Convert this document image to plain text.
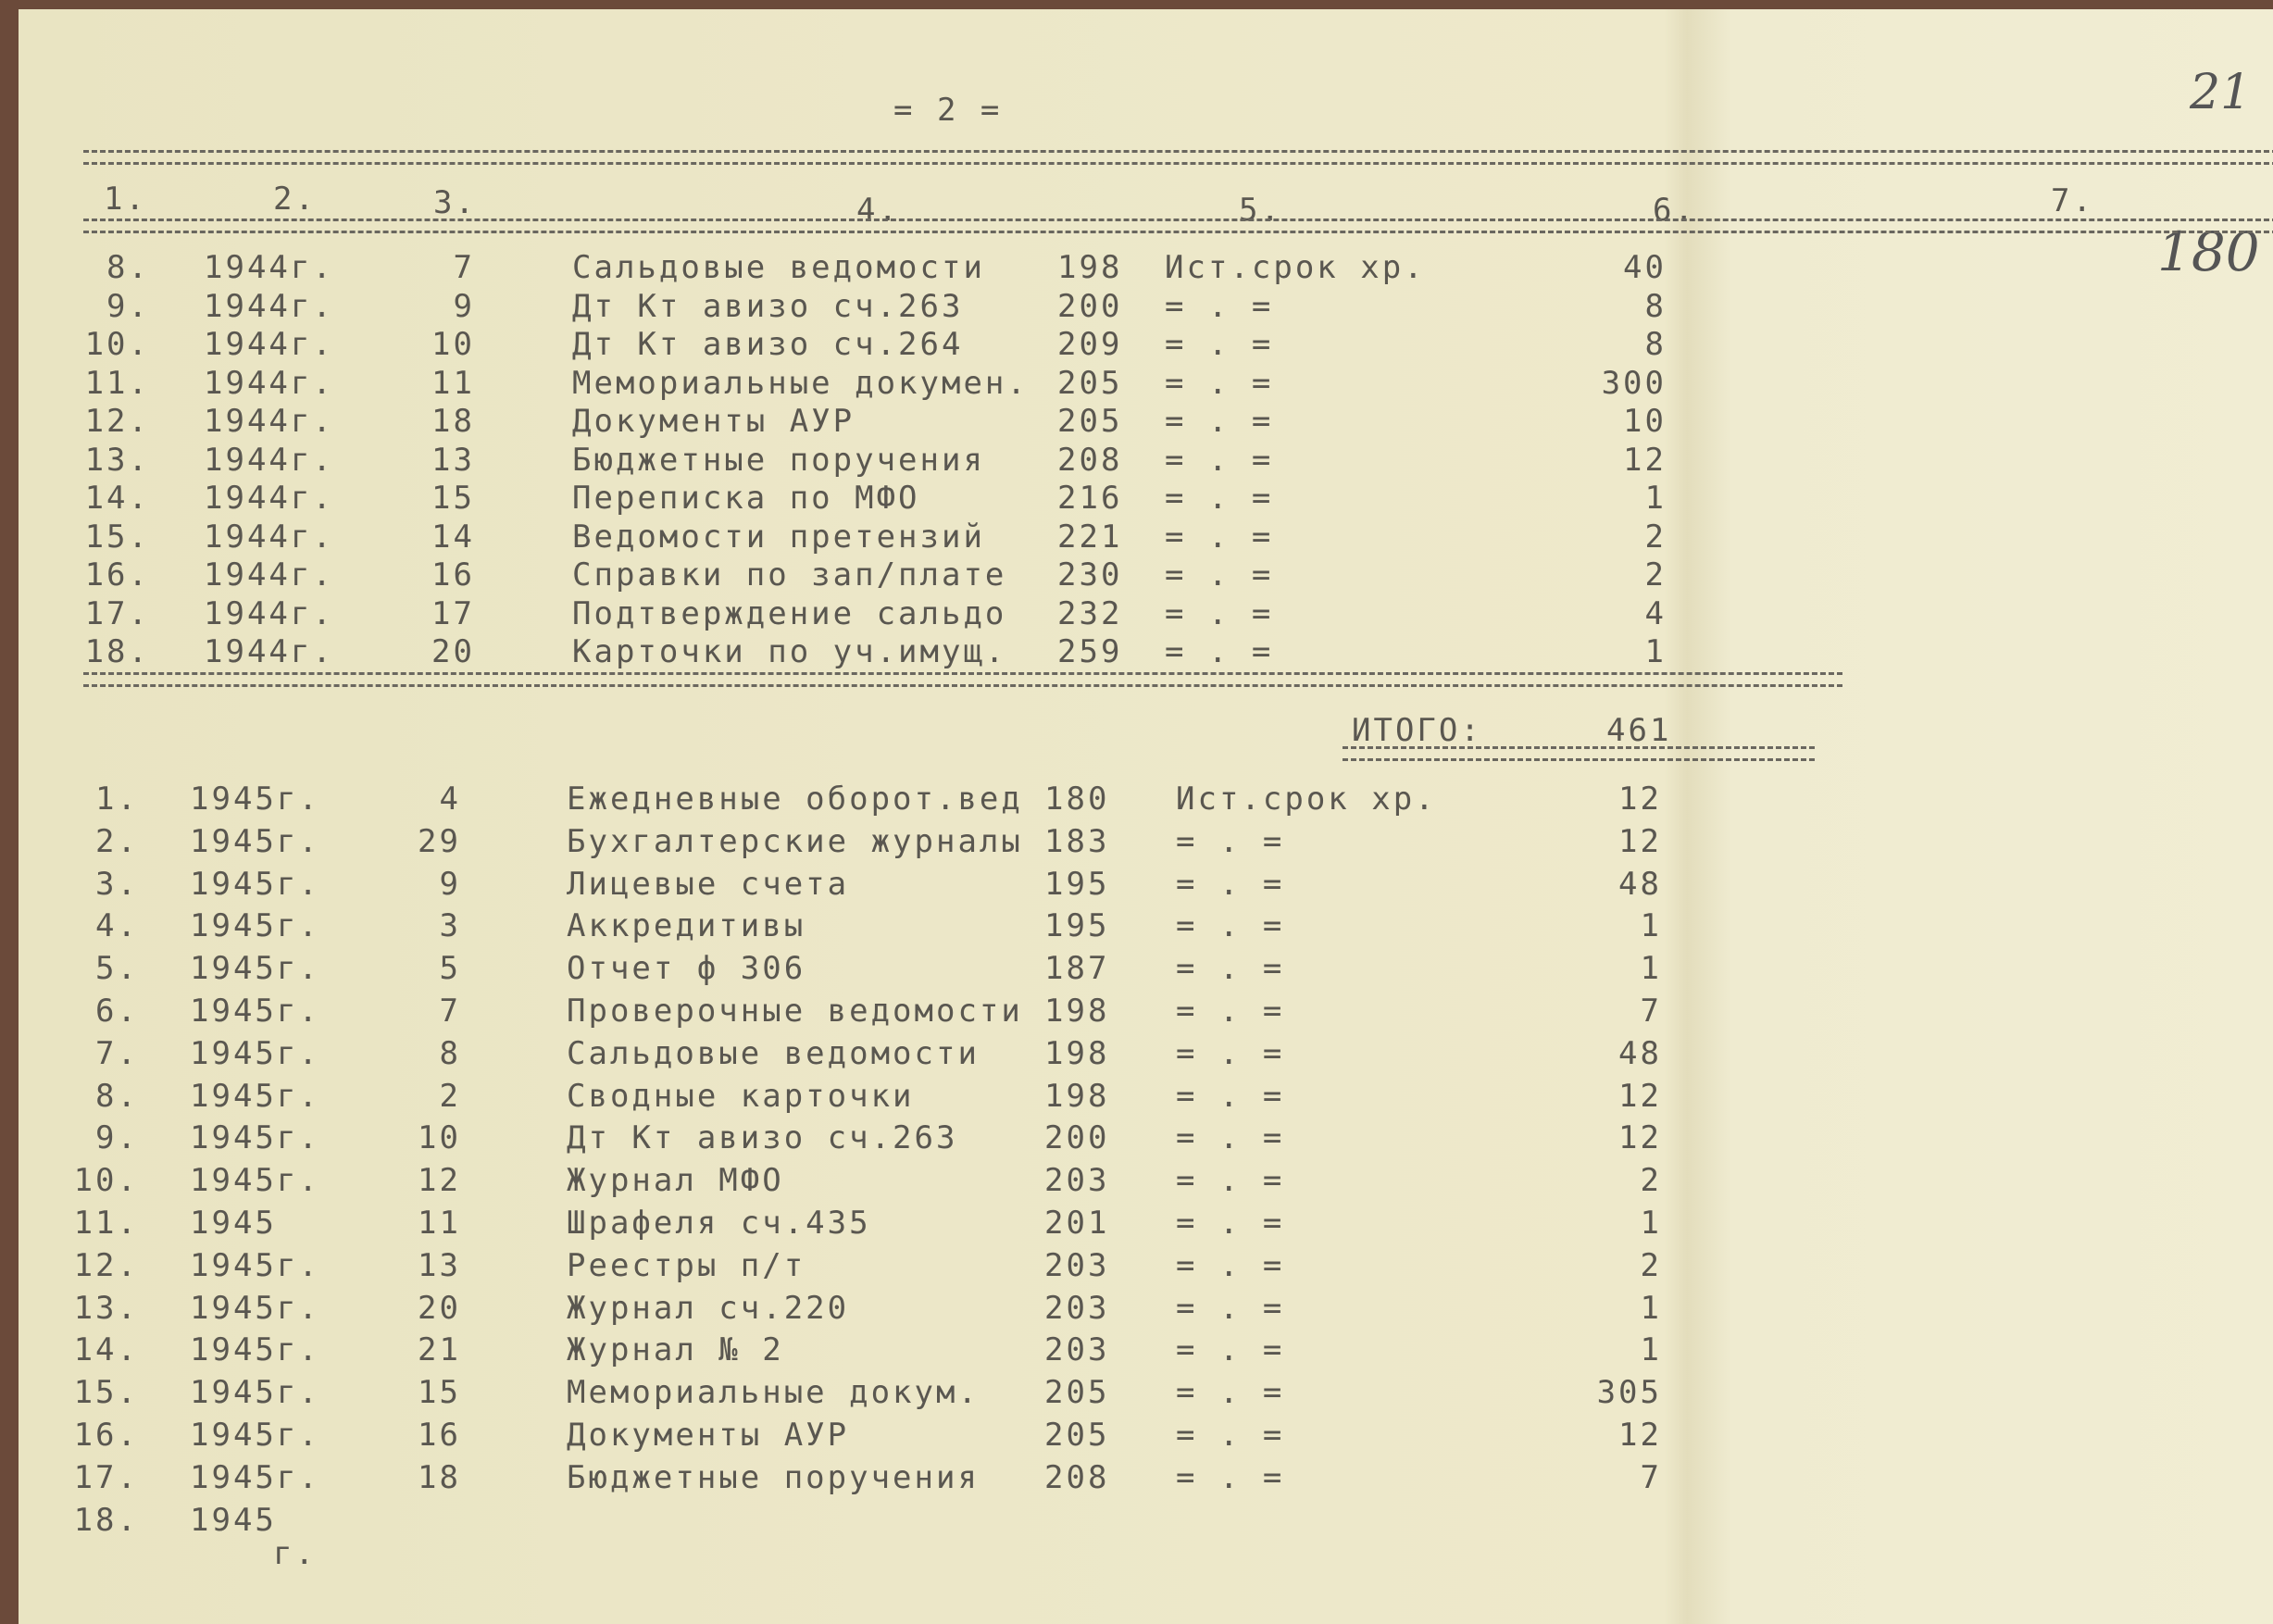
= 2 =	21
180
1.	2.	3.	4.	5.	6.	7.
8. 1944г.	7	Сальдовые ведомости 198 Ист.срок хр.	40
9. 1944г.	9	Дт Кт авизо сч.263	200 = . =	8
10. 1944г.	10	Дт Кт авизо сч.264	209 = . =	8
11. 1944г.	11	Мемориальные докумен. 205 = . =	300
12. 1944г.	18	Документы АУР	205 = . =	10
13. 1944г.	13	Бюджетные поручения 208 = . =	12
14. 1944г.	15	Переписка по МФО	216 = . =	1
15. 1944г.	14	Ведомости претензий 221 = . =	2
16. 1944г.	16	Справки по зап/плате 230 = . =	2
17. 1944г.	17	Подтверждение сальдо 232 = . =	4
18. 1944г.	20	Карточки по уч.имущ. 259 = . =	1
ИТОГО:	461
1. 1945г.	4	Ежедневные оборот.вед 180 Ист.срок хр.	12
2. 1945г.	29	Бухгалтерские журналы 183 = . =	12
3. 1945г.	9	Лицевые счета	195 = . =	48
4. 1945г.	3	Аккредитивы	195 = . =	1
5. 1945г.	5	Отчет ф 306	187 = . =	1
6. 1945г.	7	Проверочные ведомости 198 = . =	7
7. 1945г.	8	Сальдовые ведомости 198 = . =	48
8. 1945г.	2	Сводные карточки	198 = . =	12
9. 1945г.	10	Дт Кт авизо сч.263	200 = . =	12
10. 1945г.	12	Журнал МФО	203 = . =	2
11. 1945	11	Шрафеля сч.435	201 = . =	1
12. 1945г.	13	Реестры п/т	203 = . =	2
13. 1945г.	20	Журнал сч.220	203 = . =	1
14. 1945г.	21	Журнал № 2	203 = . =	1
15. 1945г.	15	Мемориальные докум. 205 = . =	305
16. 1945г.	16	Документы АУР	205 = . =	12
17. 1945г.	18	Бюджетные поручения 208 = . =	7
18. 1945
г.
